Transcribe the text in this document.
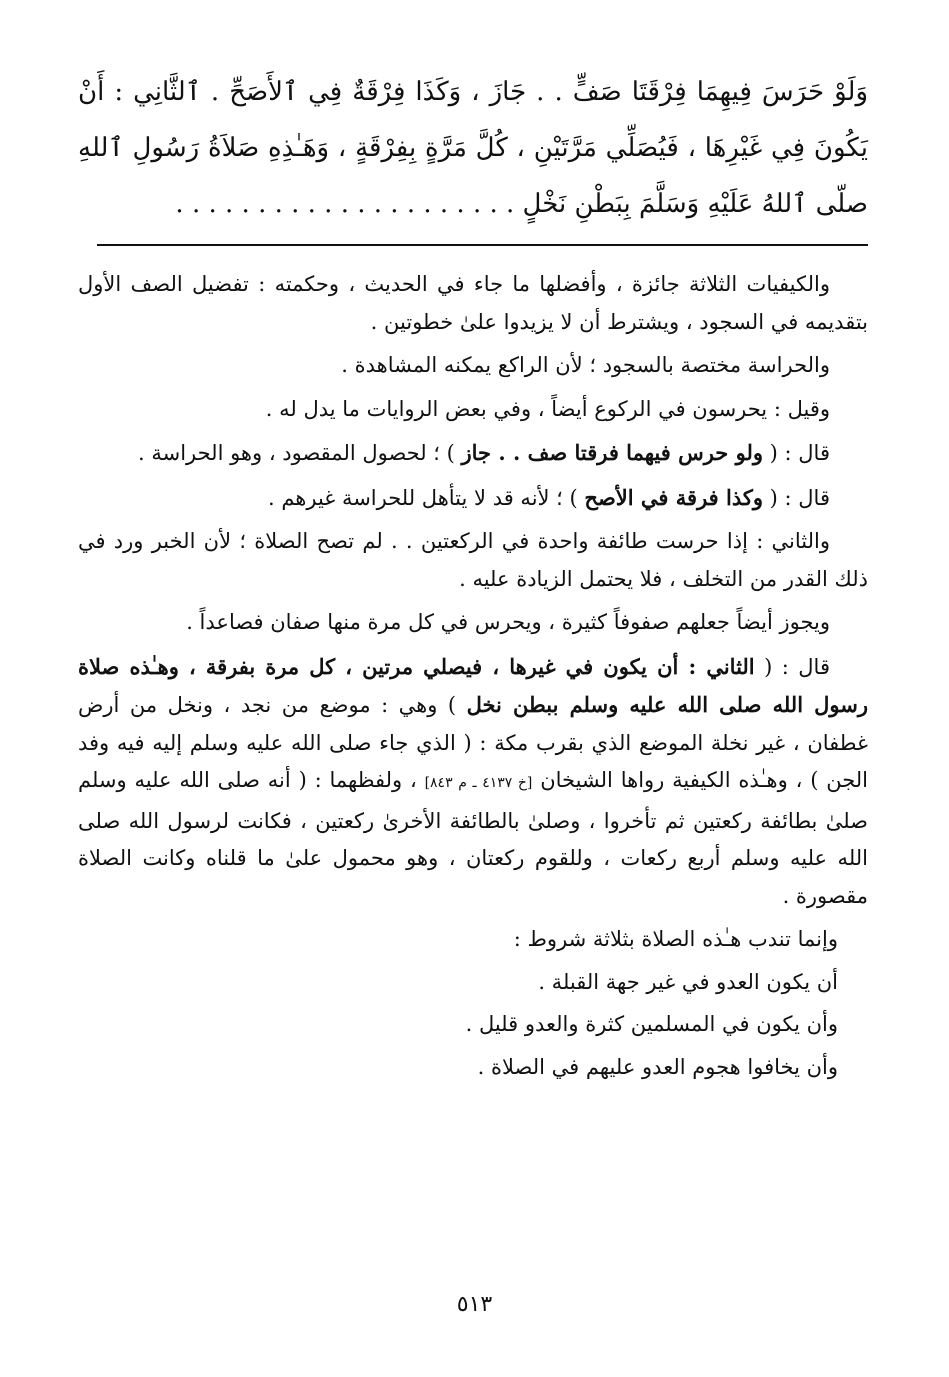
وَلَوْ حَرَسَ فِيهِمَا فِرْقَتَا صَفٍّ . . جَازَ ، وَكَذَا فِرْقَةٌ فِي ٱلأَصَحِّ . ٱلثَّانِي : أَنْ يَكُونَ فِي غَيْرِهَا ، فَيُصَلِّي مَرَّتَيْنِ ، كُلَّ مَرَّةٍ بِفِرْقَةٍ ، وَهَـٰذِهِ صَلاَةُ رَسُولِ ٱللهِ صلّى ٱللهُ عَلَيْهِ وَسَلَّمَ بِبَطْنِ نَخْلٍ . . . . . . . . . . . . . . . . . . . . .

والكيفيات الثلاثة جائزة ، وأفضلها ما جاء في الحديث ، وحكمته : تفضيل الصف الأول بتقديمه في السجود ، ويشترط أن لا يزيدوا علىٰ خطوتين .

والحراسة مختصة بالسجود ؛ لأن الراكع يمكنه المشاهدة .

وقيل : يحرسون في الركوع أيضاً ، وفي بعض الروايات ما يدل له .

قال : ( ولو حرس فيهما فرقتا صف . . جاز ) ؛ لحصول المقصود ، وهو الحراسة .

قال : ( وكذا فرقة في الأصح ) ؛ لأنه قد لا يتأهل للحراسة غيرهم .

والثاني : إذا حرست طائفة واحدة في الركعتين . . لم تصح الصلاة ؛ لأن الخبر ورد في ذلك القدر من التخلف ، فلا يحتمل الزيادة عليه .

ويجوز أيضاً جعلهم صفوفاً كثيرة ، ويحرس في كل مرة منها صفان فصاعداً .

قال : ( الثاني : أن يكون في غيرها ، فيصلي مرتين ، كل مرة بفرقة ، وهـٰذه صلاة رسول الله صلى الله عليه وسلم ببطن نخل ) وهي : موضع من نجد ، ونخل من أرض غطفان ، غير نخلة الموضع الذي بقرب مكة : ( الذي جاء صلى الله عليه وسلم إليه فيه وفد الجن ) ، وهـٰذه الكيفية رواها الشيخان [خ ٤١٣٧ ـ م ٨٤٣] ، ولفظهما : ( أنه صلى الله عليه وسلم صلىٰ بطائفة ركعتين ثم تأخروا ، وصلىٰ بالطائفة الأخرىٰ ركعتين ، فكانت لرسول الله صلى الله عليه وسلم أربع ركعات ، وللقوم ركعتان ، وهو محمول علىٰ ما قلناه وكانت الصلاة مقصورة .

وإنما تندب هـٰذه الصلاة بثلاثة شروط :

أن يكون العدو في غير جهة القبلة .

وأن يكون في المسلمين كثرة والعدو قليل .

وأن يخافوا هجوم العدو عليهم في الصلاة .

٥١٣
